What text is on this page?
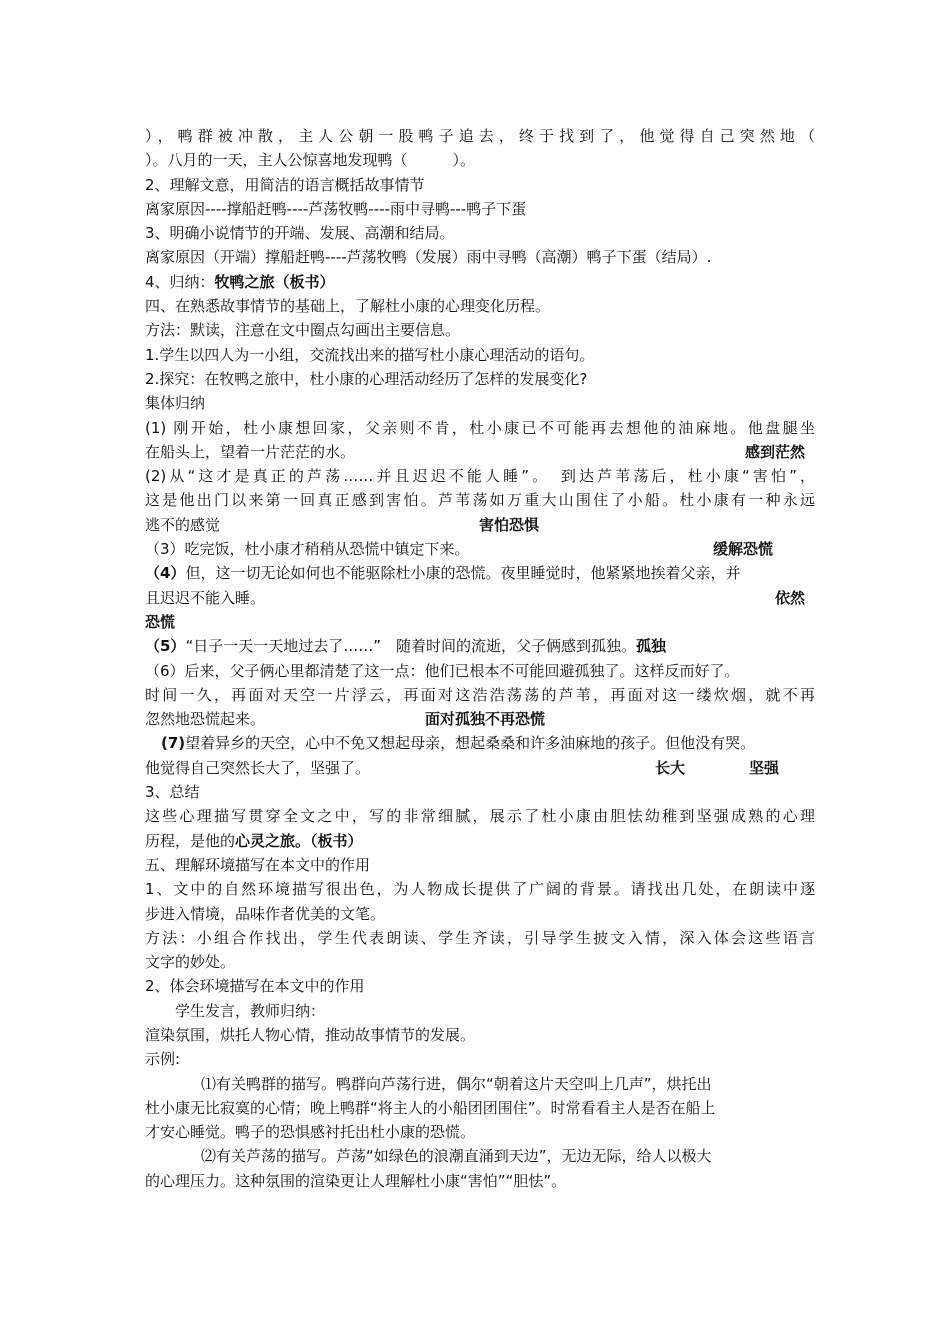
），鸭群被冲散，主人公朝一股鸭子追去，终于找到了，他觉得自己突然地（
）。八月的一天，主人公惊喜地发现鸭（　　　）。
2、理解文意，用简洁的语言概括故事情节
离家原因----撑船赶鸭----芦荡牧鸭----雨中寻鸭---鸭子下蛋
3、明确小说情节的开端、发展、高潮和结局。
离家原因（开端）撑船赶鸭----芦荡牧鸭（发展）雨中寻鸭（高潮）鸭子下蛋（结局）.
4、归纳：牧鸭之旅（板书）
四、在熟悉故事情节的基础上，了解杜小康的心理变化历程。
方法：默读，注意在文中圈点勾画出主要信息。
1.学生以四人为一小组，交流找出来的描写杜小康心理活动的语句。
2.探究：在牧鸭之旅中，杜小康的心理活动经历了怎样的发展变化?
集体归纳
(1) 刚开始，杜小康想回家，父亲则不肯，杜小康已不可能再去想他的油麻地。他盘腿坐
在船头上，望着一片茫茫的水。	感到茫然
(2)从“这才是真正的芦荡……并且迟迟不能人睡”。　到达芦苇荡后，杜小康“害怕”，
这是他出门以来第一回真正感到害怕。芦苇荡如万重大山围住了小船。杜小康有一种永远
逃不的感觉	害怕恐惧
（3）吃完饭，杜小康才稍稍从恐慌中镇定下来。	缓解恐慌
（4）但，这一切无论如何也不能驱除杜小康的恐慌。夜里睡觉时，他紧紧地挨着父亲，并
且迟迟不能入睡。	依然
恐慌
（5）“日子一天一天地过去了……”　随着时间的流逝，父子俩感到孤独。孤独
（6）后来，父子俩心里都清楚了这一点：他们已根本不可能回避孤独了。这样反而好了。
时间一久，再面对天空一片浮云，再面对这浩浩荡荡的芦苇，再面对这一缕炊烟，就不再
忽然地恐慌起来。	面对孤独不再恐慌
(7)望着异乡的天空，心中不免又想起母亲，想起桑桑和许多油麻地的孩子。但他没有哭。
他觉得自己突然长大了，坚强了。	长大	坚强
3、总结
这些心理描写贯穿全文之中，写的非常细腻，展示了杜小康由胆怯幼稚到坚强成熟的心理
历程，是他的心灵之旅。（板书）
五、理解环境描写在本文中的作用
1、文中的自然环境描写很出色，为人物成长提供了广阔的背景。请找出几处，在朗读中逐
步进入情境，品味作者优美的文笔。
方法：小组合作找出，学生代表朗读、学生齐读，引导学生披文入情，深入体会这些语言
文字的妙处。
2、体会环境描写在本文中的作用
学生发言，教师归纳：
渲染氛围，烘托人物心情，推动故事情节的发展。
示例:
⑴有关鸭群的描写。鸭群向芦荡行进，偶尔“朝着这片天空叫上几声”，烘托出
杜小康无比寂寞的心情；晚上鸭群“将主人的小船团团围住”。时常看看主人是否在船上
才安心睡觉。鸭子的恐惧感衬托出杜小康的恐慌。
⑵有关芦荡的描写。芦荡“如绿色的浪潮直涌到天边”，无边无际，给人以极大
的心理压力。这种氛围的渲染更让人理解杜小康“害怕”“胆怯”。
